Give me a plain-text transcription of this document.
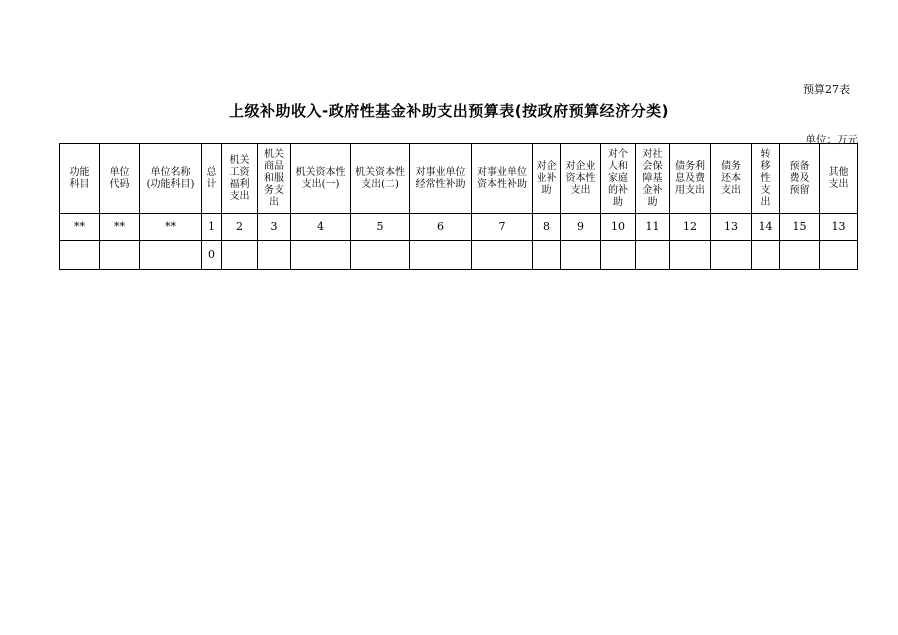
预算27表
上级补助收入-政府性基金补助支出预算表(按政府预算经济分类)
单位：万元
功能科目	单位代码	单位名称(功能科目)	总计	机关工资福利支出	机关商品和服务支出	机关资本性支出(一)	机关资本性支出(二)	对事业单位经常性补助	对事业单位资本性补助	对企业补助	对企业资本性支出	对个人和家庭的补助	对社会保障基金补助	债务利息及费用支出	债务还本支出	转移性支出	预备费及预留	其他支出

**	**	**	1	2	3	4	5	6	7	8	9	10	11	12	13	14	15	13
			0															
